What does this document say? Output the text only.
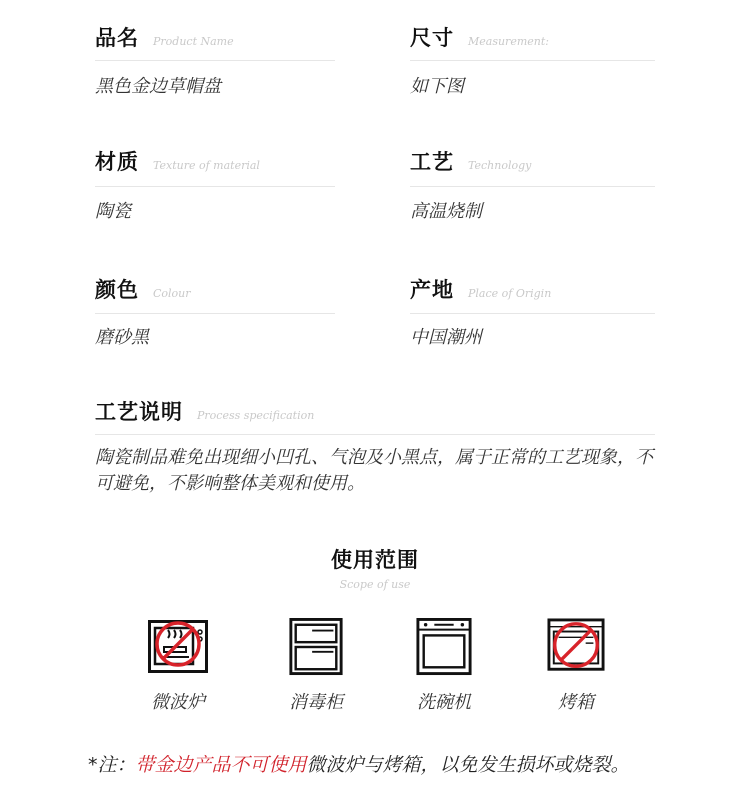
品名 Product Name
黑色金边草帽盘
尺寸 Measurement:
如下图
材质 Texture of material
陶瓷
工艺 Technology
高温烧制
颜色 Colour
磨砂黑
产地 Place of Origin
中国潮州
工艺说明 Process specification
陶瓷制品难免出现细小凹孔、气泡及小黑点，属于正常的工艺现象，不可避免，不影响整体美观和使用。
使用范围
Scope of use
微波炉	消毒柜	洗碗机	烤箱
*注：带金边产品不可使用微波炉与烤箱，以免发生损坏或烧裂。
